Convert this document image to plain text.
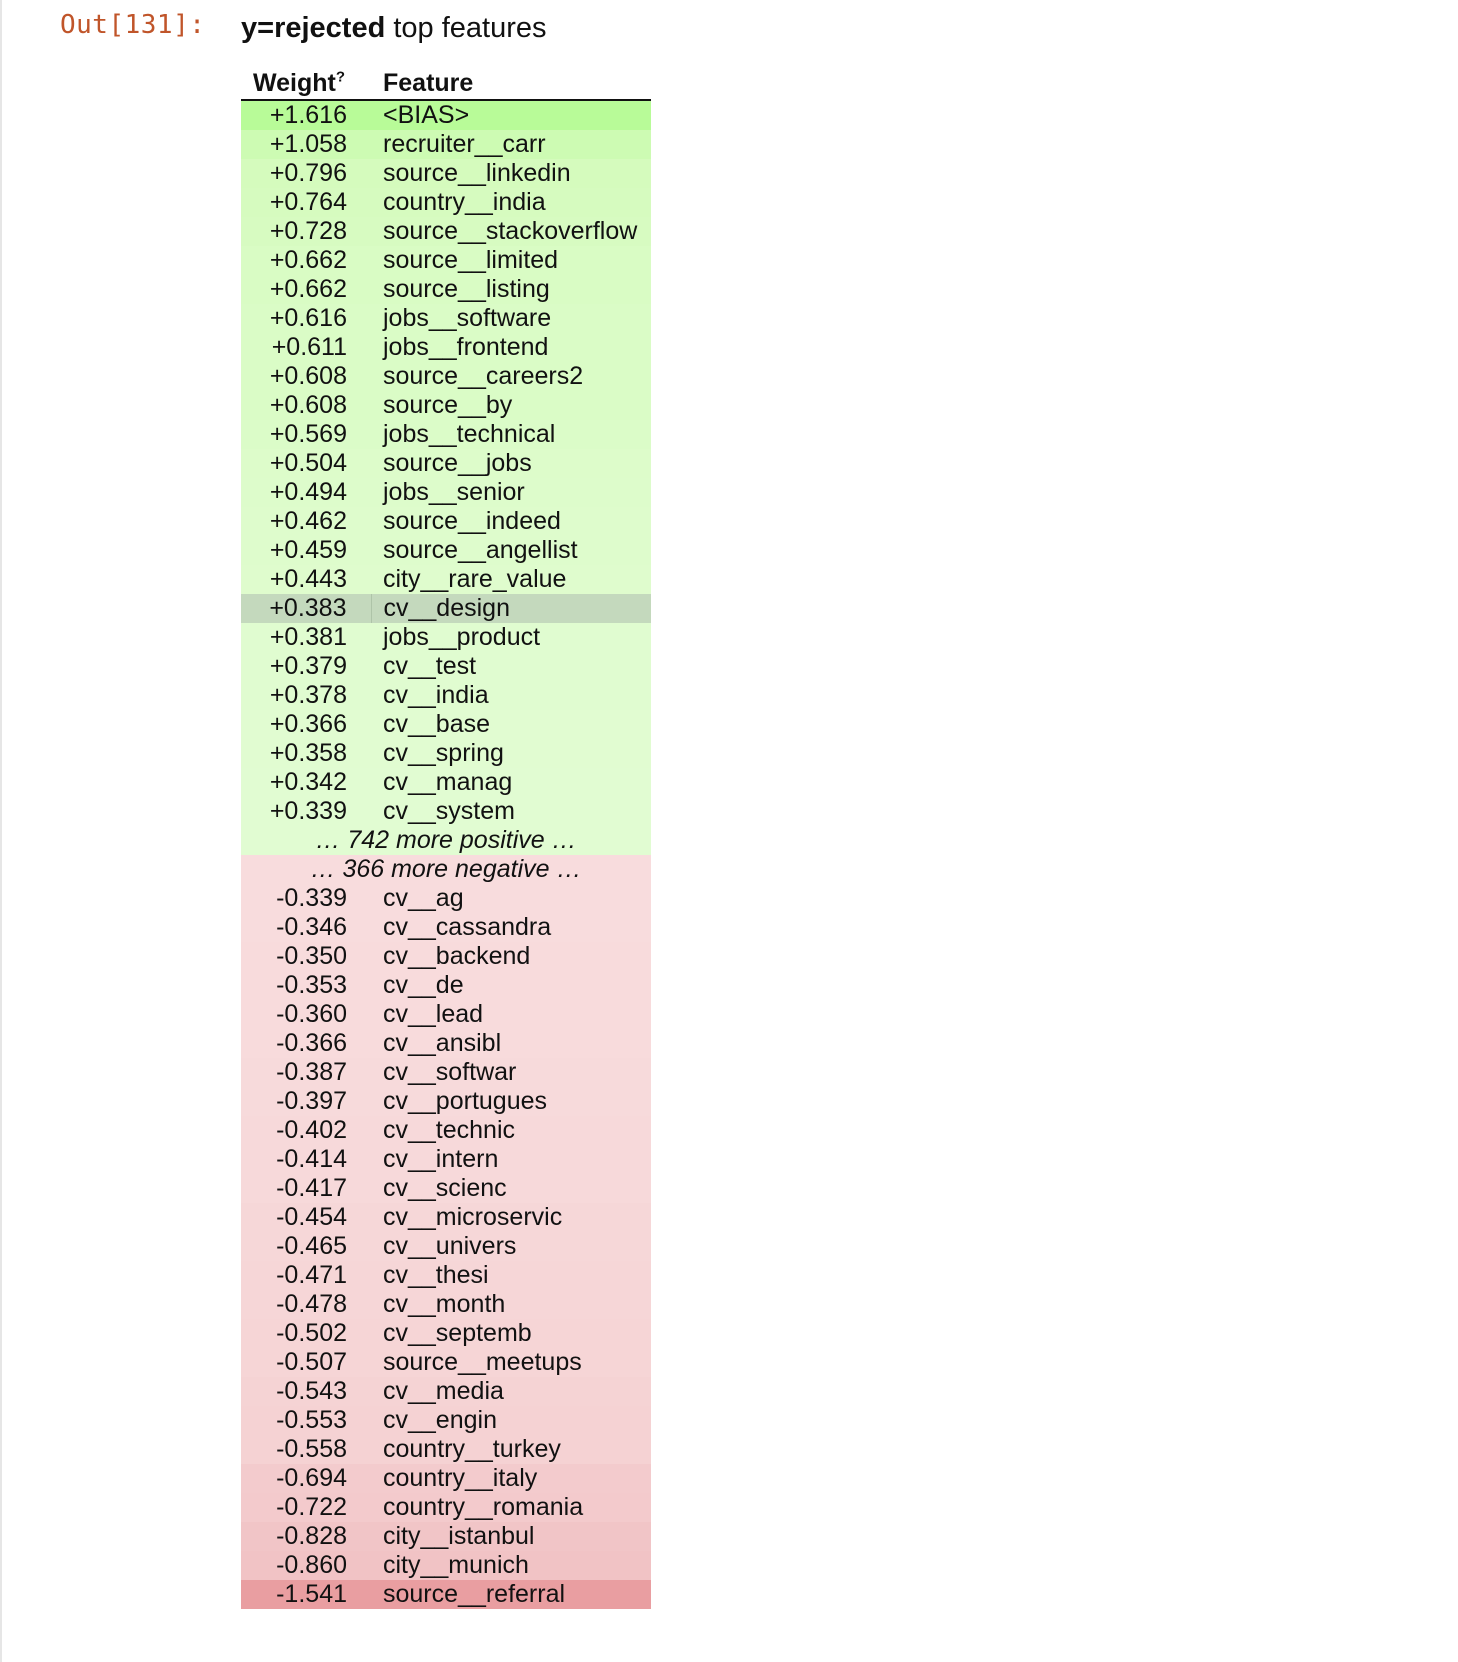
Out[131]: y=rejected top features
Weight?	Feature
+1.616	<BIAS>
+1.058	recruiter__carr
+0.796	source__linkedin
+0.764	country__india
+0.728	source__stackoverflow
+0.662	source__limited
+0.662	source__listing
+0.616	jobs__software
+0.611	jobs__frontend
+0.608	source__careers2
+0.608	source__by
+0.569	jobs__technical
+0.504	source__jobs
+0.494	jobs__senior
+0.462	source__indeed
+0.459	source__angellist
+0.443	city__rare_value
+0.383	cv__design
+0.381	jobs__product
+0.379	cv__test
+0.378	cv__india
+0.366	cv__base
+0.358	cv__spring
+0.342	cv__manag
+0.339	cv__system
… 742 more positive …	
… 366 more negative …	
-0.339	cv__ag
-0.346	cv__cassandra
-0.350	cv__backend
-0.353	cv__de
-0.360	cv__lead
-0.366	cv__ansibl
-0.387	cv__softwar
-0.397	cv__portugues
-0.402	cv__technic
-0.414	cv__intern
-0.417	cv__scienc
-0.454	cv__microservic
-0.465	cv__univers
-0.471	cv__thesi
-0.478	cv__month
-0.502	cv__septemb
-0.507	source__meetups
-0.543	cv__media
-0.553	cv__engin
-0.558	country__turkey
-0.694	country__italy
-0.722	country__romania
-0.828	city__istanbul
-0.860	city__munich
-1.541	source__referral
